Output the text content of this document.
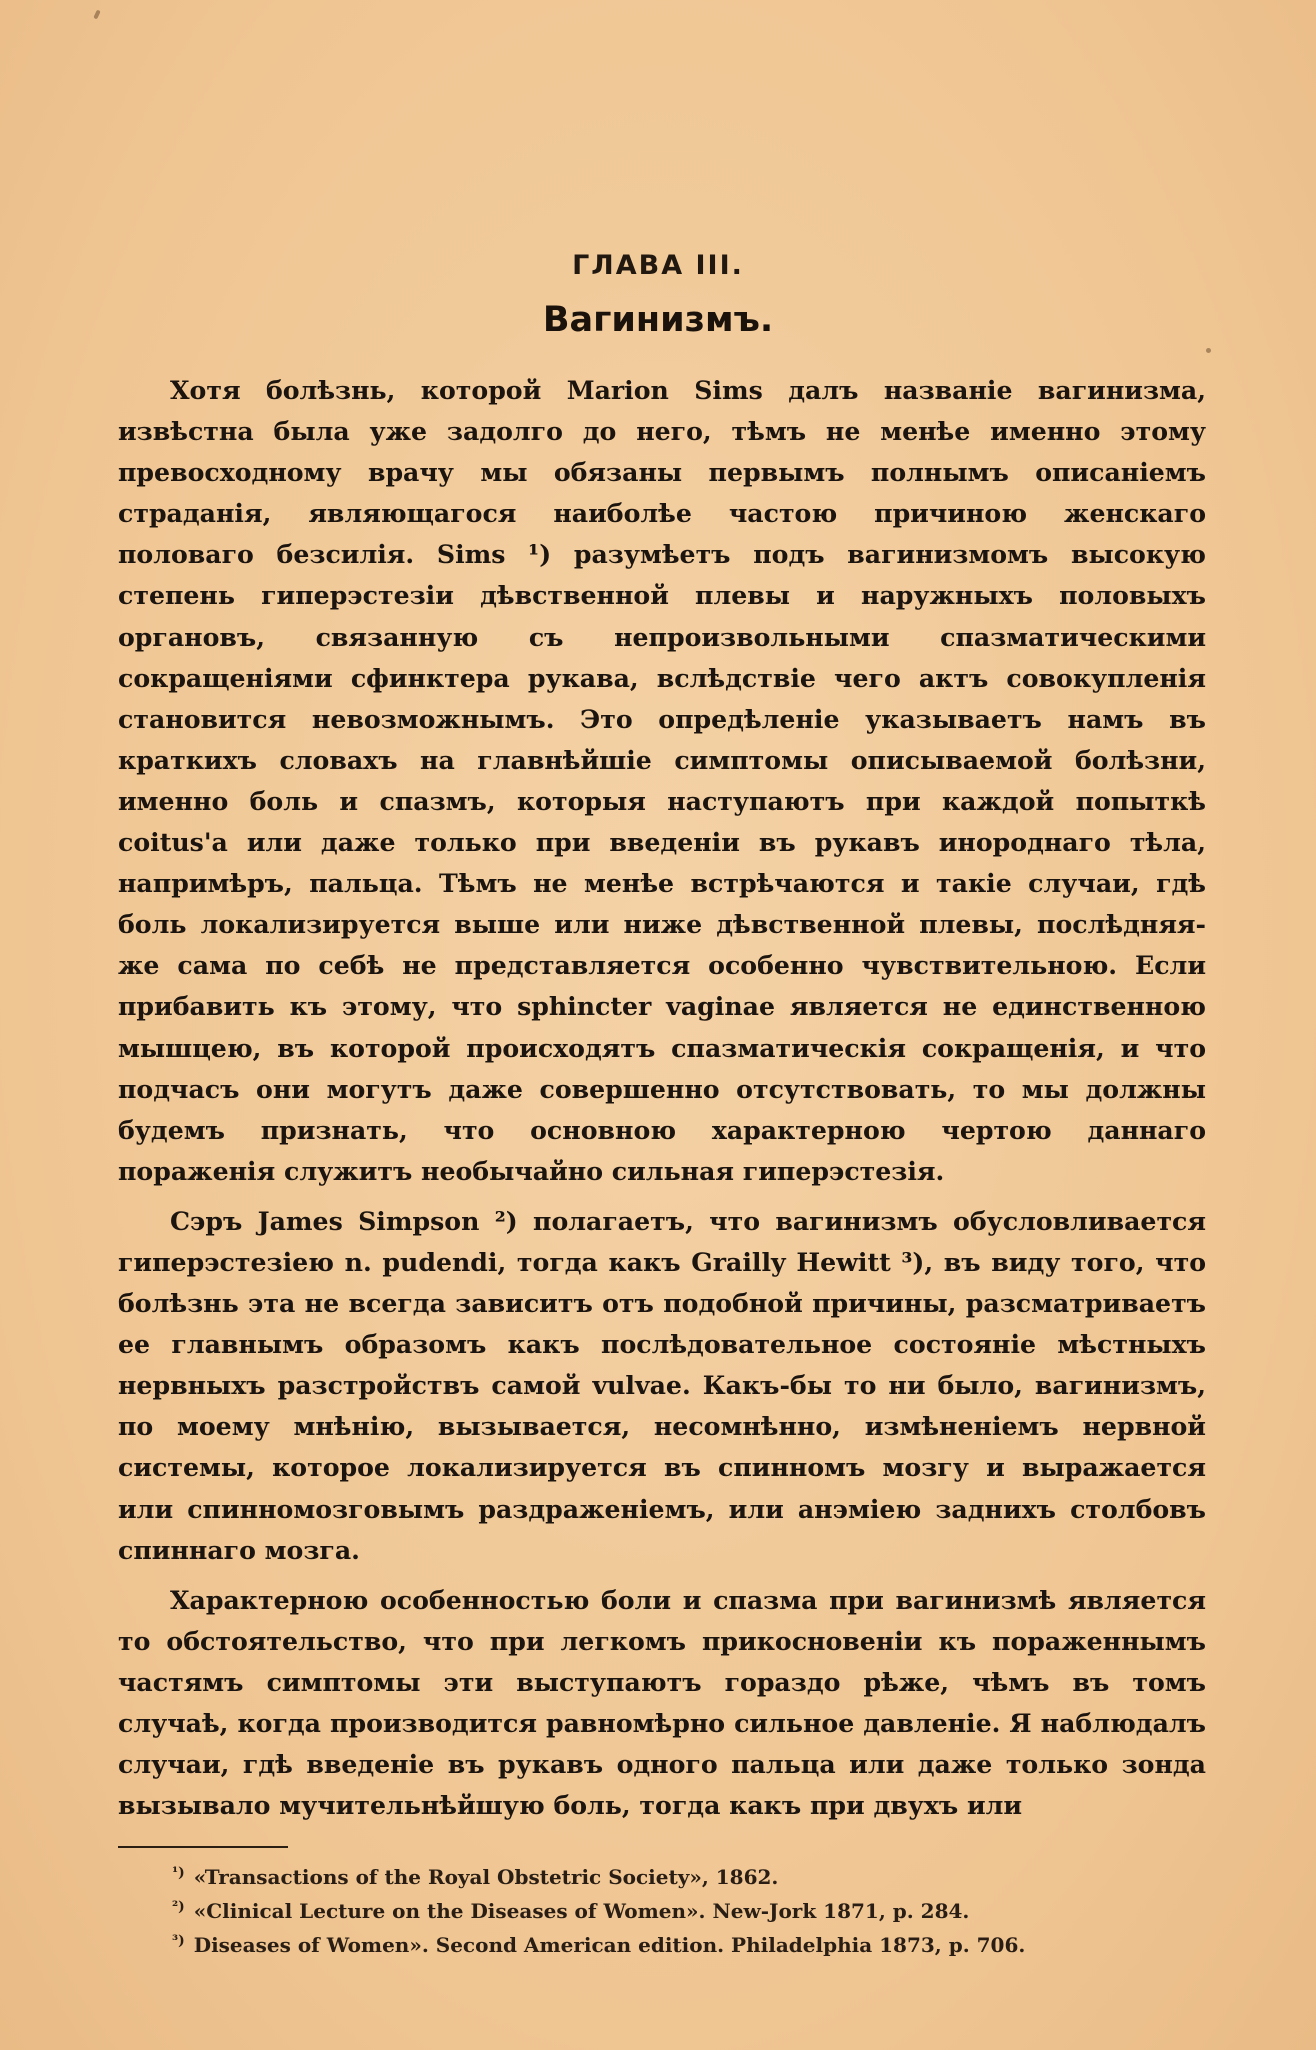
ГЛАВА III.
Вагинизмъ.

Хотя болѣзнь, которой Marion Sims далъ названіе вагинизма, извѣстна была уже задолго до него, тѣмъ не менѣе именно этому превосходному врачу мы обязаны первымъ полнымъ описаніемъ страданія, являющагося наиболѣе частою причиною женскаго половаго безсилія. Sims ¹) разумѣетъ подъ вагинизмомъ высокую степень гиперэстезіи дѣвственной плевы и наружныхъ половыхъ органовъ, связанную съ непроизвольными спазматическими сокращеніями сфинктера рукава, вслѣдствіе чего актъ совокупленія становится невозможнымъ. Это опредѣленіе указываетъ намъ въ краткихъ словахъ на главнѣйшіе симптомы описываемой болѣзни, именно боль и спазмъ, которыя наступаютъ при каждой попыткѣ coitus'а или даже только при введеніи въ рукавъ инороднаго тѣла, напримѣръ, пальца. Тѣмъ не менѣе встрѣчаются и такіе случаи, гдѣ боль локализируется выше или ниже дѣвственной плевы, послѣдняя-же сама по себѣ не представляется особенно чувствительною. Если прибавить къ этому, что sphincter vaginae является не единственною мышцею, въ которой происходятъ спазматическія сокращенія, и что подчасъ они могутъ даже совершенно отсутствовать, то мы должны будемъ признать, что основною характерною чертою даннаго пораженія служитъ необычайно сильная гиперэстезія.

Сэръ James Simpson ²) полагаетъ, что вагинизмъ обусловливается гиперэстезіею n. pudendi, тогда какъ Grailly Hewitt ³), въ виду того, что болѣзнь эта не всегда зависитъ отъ подобной причины, разсматриваетъ ее главнымъ образомъ какъ послѣдовательное состояніе мѣстныхъ нервныхъ разстройствъ самой vulvae. Какъ-бы то ни было, вагинизмъ, по моему мнѣнію, вызывается, несомнѣнно, измѣненіемъ нервной системы, которое локализируется въ спинномъ мозгу и выражается или спинномозговымъ раздраженіемъ, или анэміею заднихъ столбовъ спиннаго мозга.

Характерною особенностью боли и спазма при вагинизмѣ является то обстоятельство, что при легкомъ прикосновеніи къ пораженнымъ частямъ симптомы эти выступаютъ гораздо рѣже, чѣмъ въ томъ случаѣ, когда производится равномѣрно сильное давленіе. Я наблюдалъ случаи, гдѣ введеніе въ рукавъ одного пальца или даже только зонда вызывало мучительнѣйшую боль, тогда какъ при двухъ или

$^{^1)}$ «Transactions of the Royal Obstetric Society», 1862.
$^{^2)}$ «Clinical Lecture on the Diseases of Women». New-Jork 1871, p. 284.
$^{^3)}$ Diseases of Women». Second American edition. Philadelphia 1873, p. 706.
